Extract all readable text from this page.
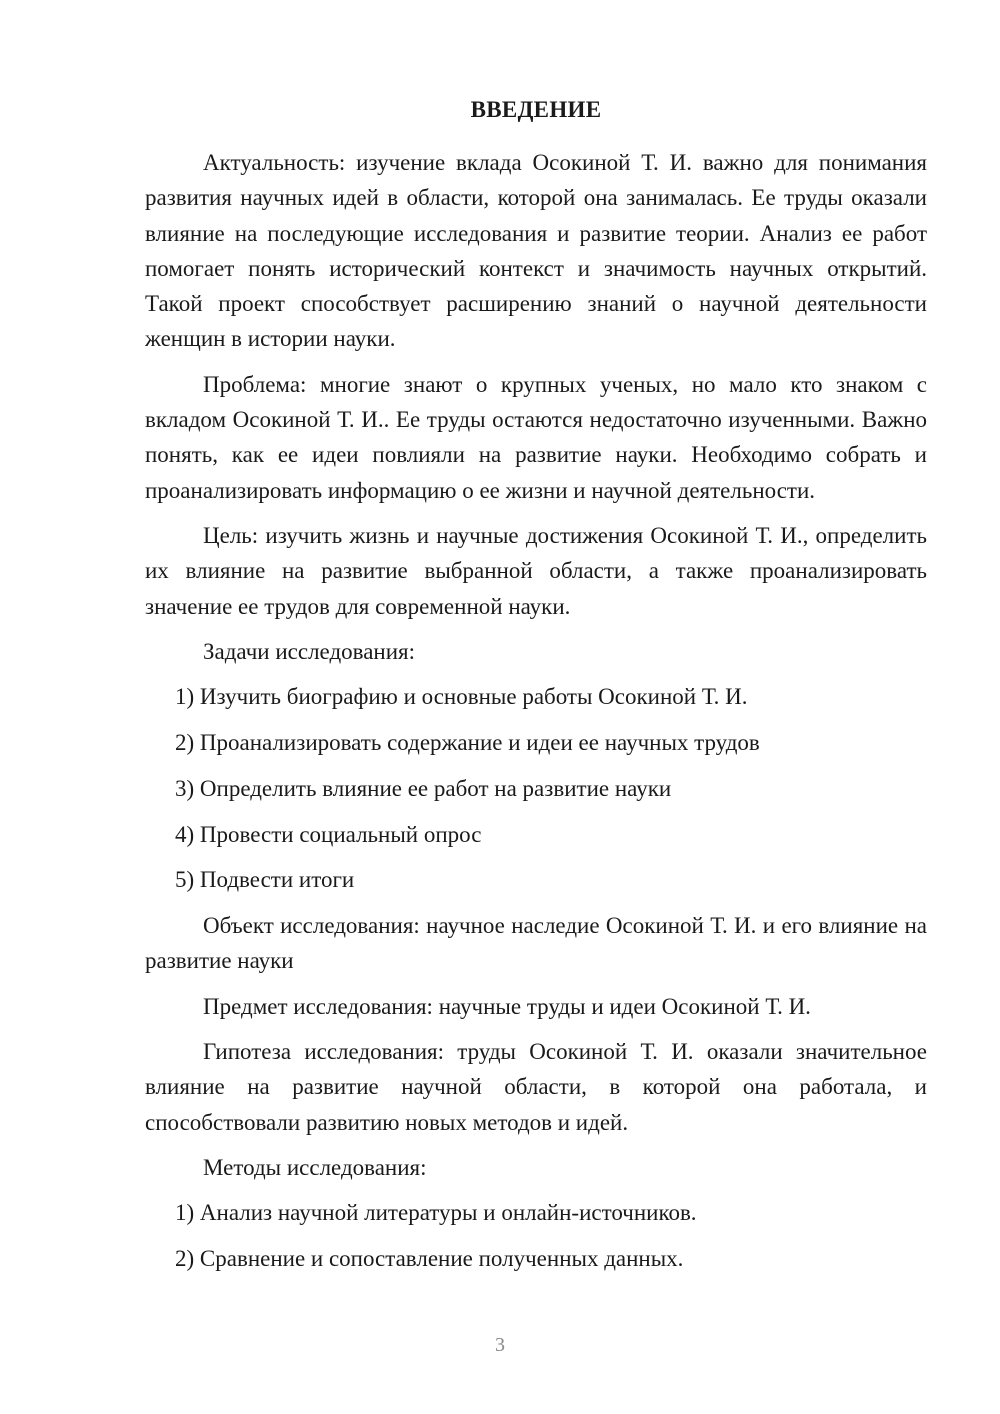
ВВЕДЕНИЕ

Актуальность: изучение вклада Осокиной Т. И. важно для понимания развития научных идей в области, которой она занималась. Ее труды оказали влияние на последующие исследования и развитие теории. Анализ ее работ помогает понять исторический контекст и значимость научных открытий. Такой проект способствует расширению знаний о научной деятельности женщин в истории науки.

Проблема: многие знают о крупных ученых, но мало кто знаком с вкладом Осокиной Т. И.. Ее труды остаются недостаточно изученными. Важно понять, как ее идеи повлияли на развитие науки. Необходимо собрать и проанализировать информацию о ее жизни и научной деятельности.

Цель: изучить жизнь и научные достижения Осокиной Т. И., определить их влияние на развитие выбранной области, а также проанализировать значение ее трудов для современной науки.

Задачи исследования:

1) Изучить биографию и основные работы Осокиной Т. И.
2) Проанализировать содержание и идеи ее научных трудов
3) Определить влияние ее работ на развитие науки
4) Провести социальный опрос
5) Подвести итоги

Объект исследования: научное наследие Осокиной Т. И. и его влияние на развитие науки

Предмет исследования: научные труды и идеи Осокиной Т. И.

Гипотеза исследования: труды Осокиной Т. И. оказали значительное влияние на развитие научной области, в которой она работала, и способствовали развитию новых методов и идей.

Методы исследования:

1) Анализ научной литературы и онлайн-источников.
2) Сравнение и сопоставление полученных данных.
3
